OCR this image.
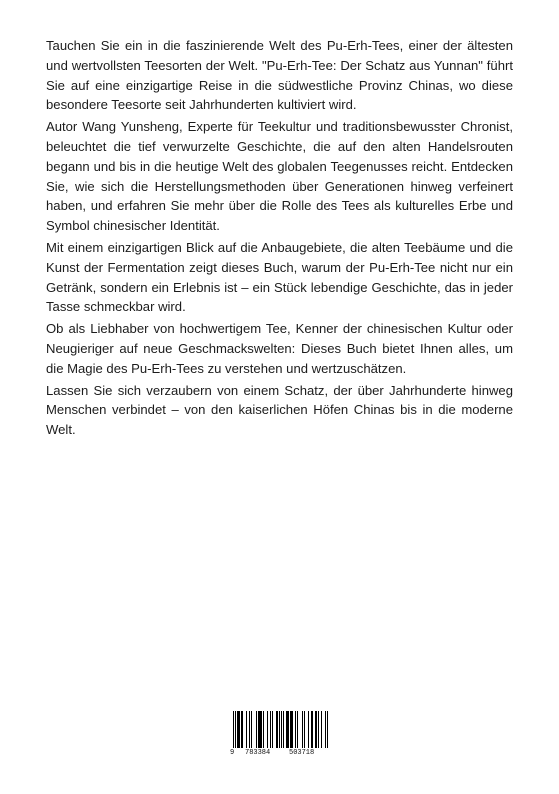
Tauchen Sie ein in die faszinierende Welt des Pu-Erh-Tees, einer der ältesten und wertvollsten Teesorten der Welt. "Pu-Erh-Tee: Der Schatz aus Yunnan" führt Sie auf eine einzigartige Reise in die südwestliche Provinz Chinas, wo diese besondere Teesorte seit Jahrhunderten kultiviert wird.

Autor Wang Yunsheng, Experte für Teekultur und traditionsbewusster Chronist, beleuchtet die tief verwurzelte Geschichte, die auf den alten Handelsrouten begann und bis in die heutige Welt des globalen Teegenusses reicht. Entdecken Sie, wie sich die Herstellungsmethoden über Generationen hinweg verfeinert haben, und erfahren Sie mehr über die Rolle des Tees als kulturelles Erbe und Symbol chinesischer Identität.

Mit einem einzigartigen Blick auf die Anbaugebiete, die alten Teebäume und die Kunst der Fermentation zeigt dieses Buch, warum der Pu-Erh-Tee nicht nur ein Getränk, sondern ein Erlebnis ist – ein Stück lebendige Geschichte, das in jeder Tasse schmeckbar wird.

Ob als Liebhaber von hochwertigem Tee, Kenner der chinesischen Kultur oder Neugieriger auf neue Geschmackswelten: Dieses Buch bietet Ihnen alles, um die Magie des Pu-Erh-Tees zu verstehen und wertzuschätzen.

Lassen Sie sich verzaubern von einem Schatz, der über Jahrhunderte hinweg Menschen verbindet – von den kaiserlichen Höfen Chinas bis in die moderne Welt.

9 783384	503718
